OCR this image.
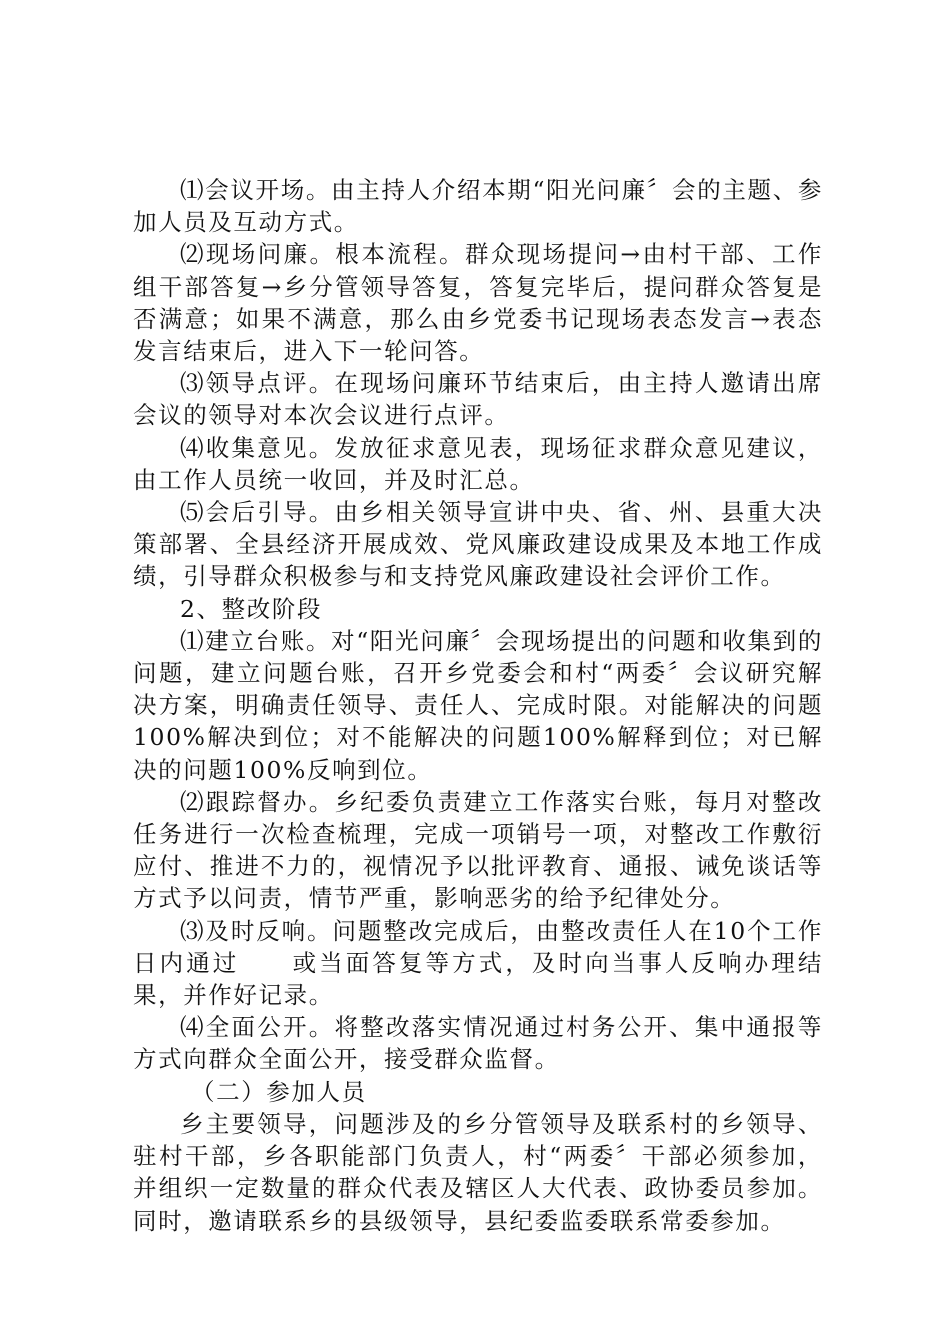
⑴会议开场。由主持人介绍本期“阳光问廉〞会的主题、参加人员及互动方式。

⑵现场问廉。根本流程。群众现场提问→由村干部、工作组干部答复→乡分管领导答复，答复完毕后，提问群众答复是否满意；如果不满意，那么由乡党委书记现场表态发言→表态发言结束后，进入下一轮问答。

⑶领导点评。在现场问廉环节结束后，由主持人邀请出席会议的领导对本次会议进行点评。

⑷收集意见。发放征求意见表，现场征求群众意见建议，由工作人员统一收回，并及时汇总。

⑸会后引导。由乡相关领导宣讲中央、省、州、县重大决策部署、全县经济开展成效、党风廉政建设成果及本地工作成绩，引导群众积极参与和支持党风廉政建设社会评价工作。

2、整改阶段

⑴建立台账。对“阳光问廉〞会现场提出的问题和收集到的问题，建立问题台账，召开乡党委会和村“两委〞会议研究解决方案，明确责任领导、责任人、完成时限。对能解决的问题100%解决到位；对不能解决的问题100%解释到位；对已解决的问题100%反响到位。

⑵跟踪督办。乡纪委负责建立工作落实台账，每月对整改任务进行一次检查梳理，完成一项销号一项，对整改工作敷衍应付、推进不力的，视情况予以批评教育、通报、诫免谈话等方式予以问责，情节严重，影响恶劣的给予纪律处分。

⑶及时反响。问题整改完成后，由整改责任人在10个工作日内通过　　或当面答复等方式，及时向当事人反响办理结果，并作好记录。

⑷全面公开。将整改落实情况通过村务公开、集中通报等方式向群众全面公开，接受群众监督。

（二）参加人员

乡主要领导，问题涉及的乡分管领导及联系村的乡领导、驻村干部，乡各职能部门负责人，村“两委〞干部必须参加，并组织一定数量的群众代表及辖区人大代表、政协委员参加。同时，邀请联系乡的县级领导，县纪委监委联系常委参加。
